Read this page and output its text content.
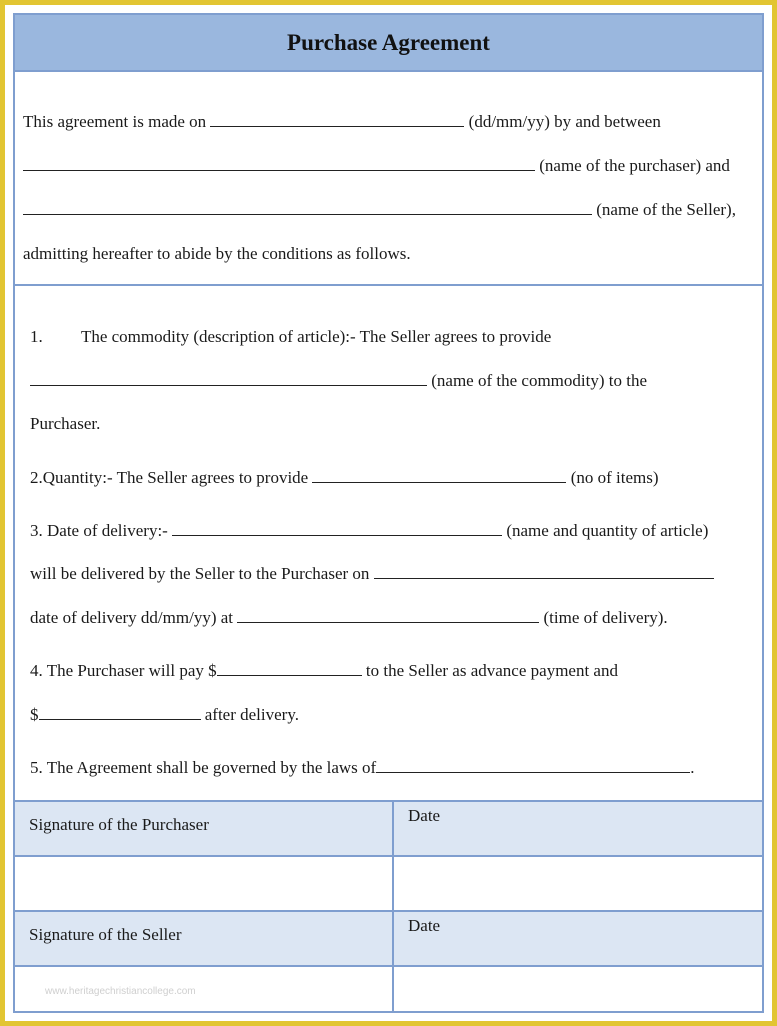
Purchase Agreement
This agreement is made on	(dd/mm/yy) by and between
(name of the purchaser) and
(name of the Seller),
admitting hereafter to abide by the conditions as follows.
1. The commodity (description of article):- The Seller agrees to provide
(name of the commodity) to the
Purchaser.
2.Quantity:- The Seller agrees to provide	(no of items)
3. Date of delivery:-	(name and quantity of article)
will be delivered by the Seller to the Purchaser on
date of delivery dd/mm/yy) at	(time of delivery).
4. The Purchaser will pay $	to the Seller as advance payment and
$	after delivery.
5. The Agreement shall be governed by the laws of	.
Signature of the Purchaser	Date
Signature of the Seller	Date
www.heritagechristiancollege.com
